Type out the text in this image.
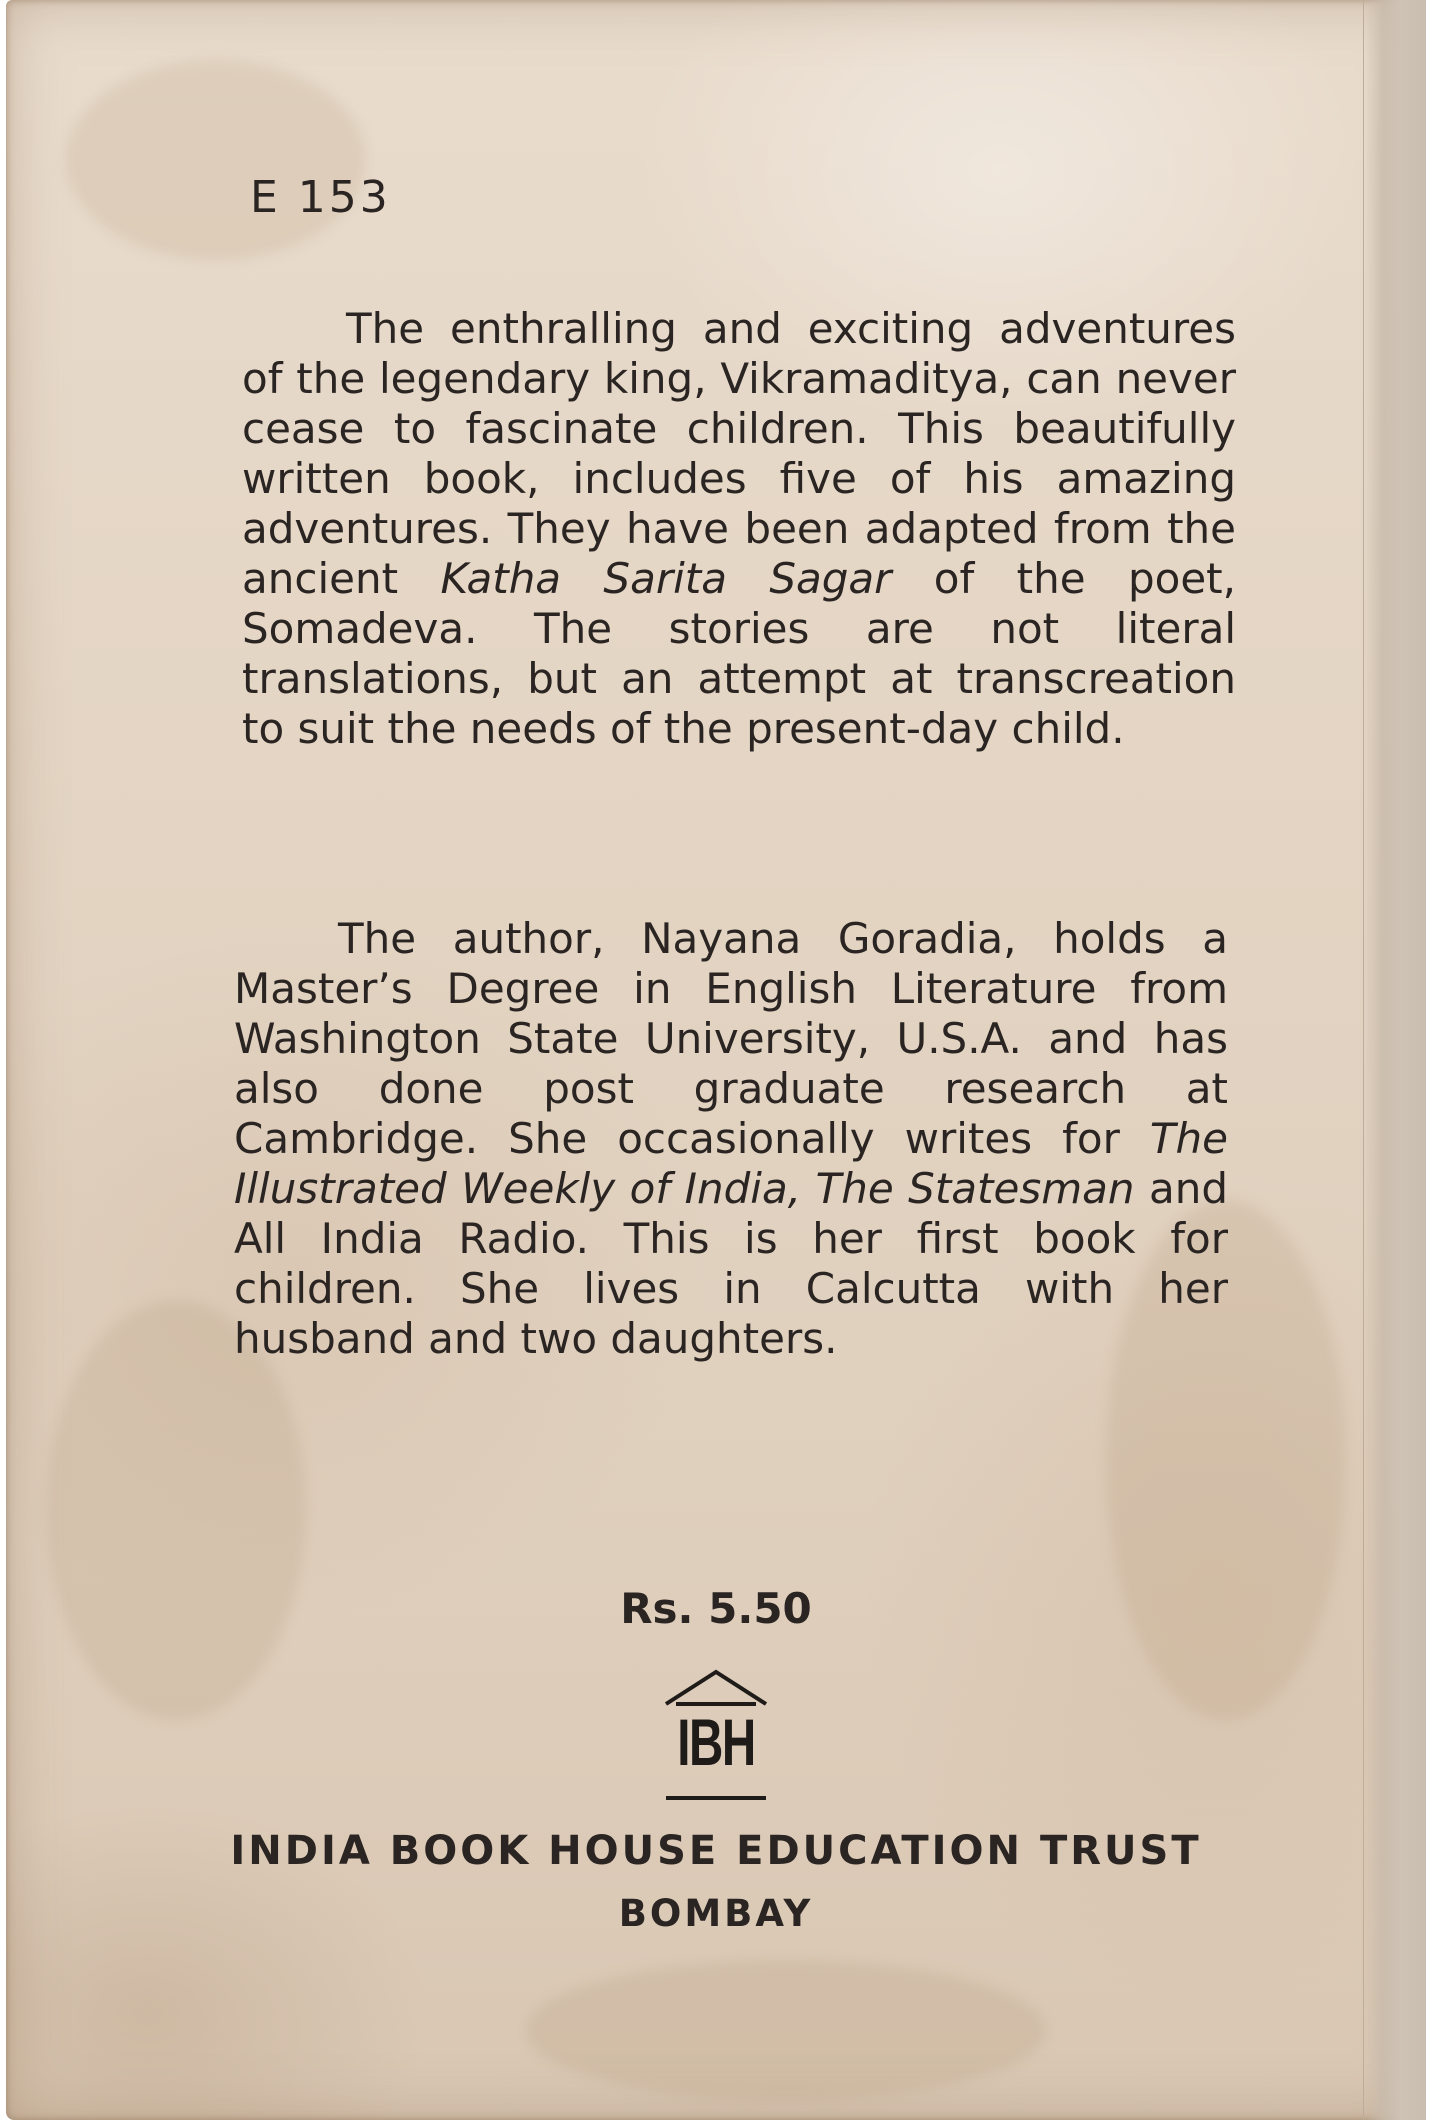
E 153

The enthralling and exciting adventures of the legendary king, Vikramaditya, can never cease to fascinate children. This beautifully written book, includes five of his amazing adventures. They have been adapted from the ancient Katha Sarita Sagar of the poet, Somadeva. The stories are not literal translations, but an attempt at transcreation to suit the needs of the present-day child.

The author, Nayana Goradia, holds a Master’s Degree in English Literature from Washington State University, U.S.A. and has also done post graduate research at Cambridge. She occasionally writes for The Illustrated Weekly of India, The Statesman and All India Radio. This is her first book for children. She lives in Calcutta with her husband and two daughters.

Rs. 5.50
IBH
INDIA BOOK HOUSE EDUCATION TRUST
BOMBAY
